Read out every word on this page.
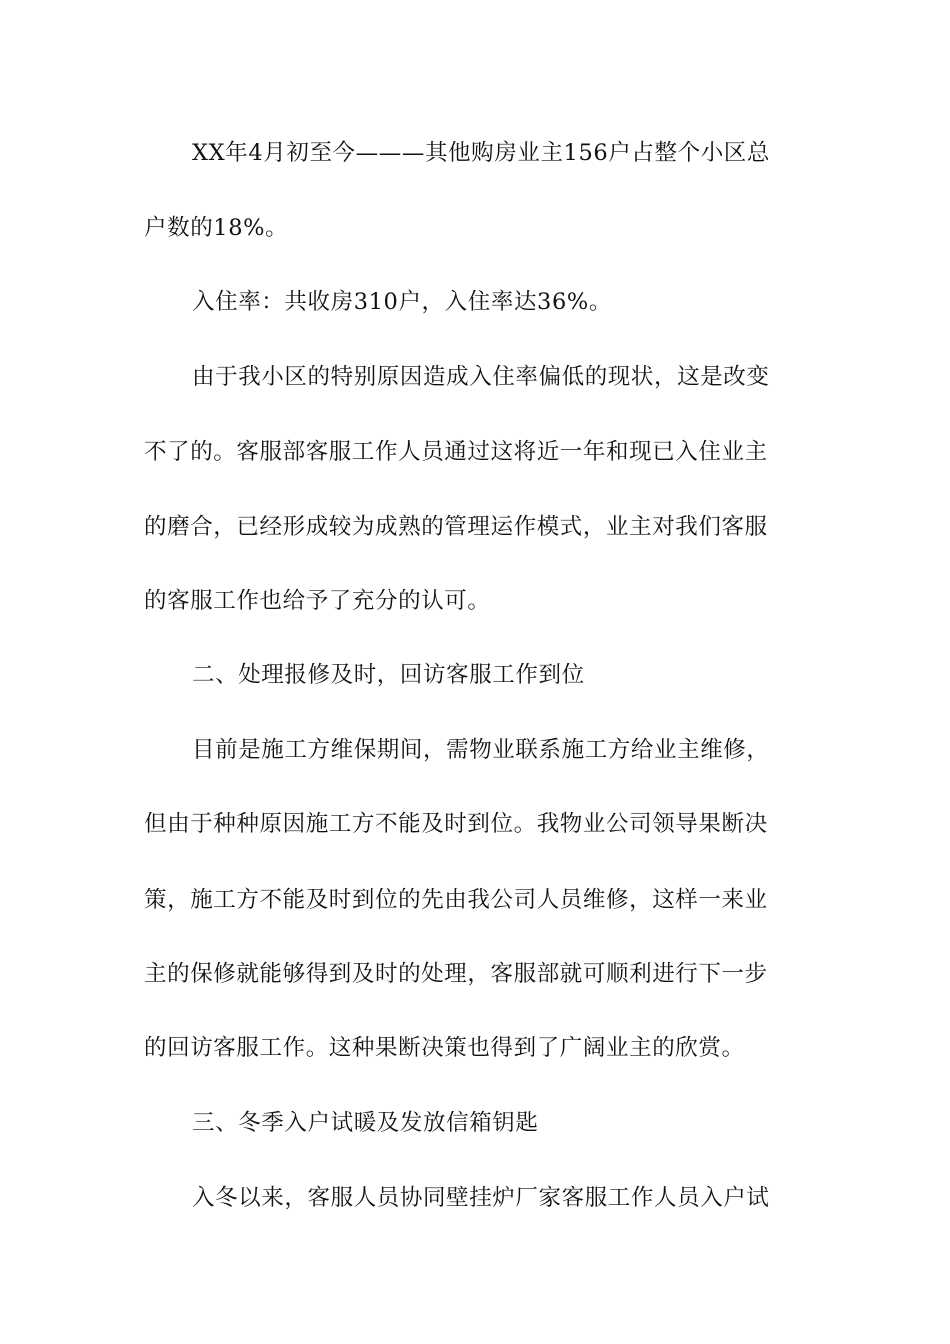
XX年4月初至今———其他购房业主156户占整个小区总

户数的18%。

入住率：共收房310户，入住率达36%。

由于我小区的特别原因造成入住率偏低的现状，这是改变

不了的。客服部客服工作人员通过这将近一年和现已入住业主

的磨合，已经形成较为成熟的管理运作模式，业主对我们客服

的客服工作也给予了充分的认可。

二、处理报修及时，回访客服工作到位

目前是施工方维保期间，需物业联系施工方给业主维修，

但由于种种原因施工方不能及时到位。我物业公司领导果断决

策，施工方不能及时到位的先由我公司人员维修，这样一来业

主的保修就能够得到及时的处理，客服部就可顺利进行下一步

的回访客服工作。这种果断决策也得到了广阔业主的欣赏。

三、冬季入户试暖及发放信箱钥匙

入冬以来，客服人员协同壁挂炉厂家客服工作人员入户试
